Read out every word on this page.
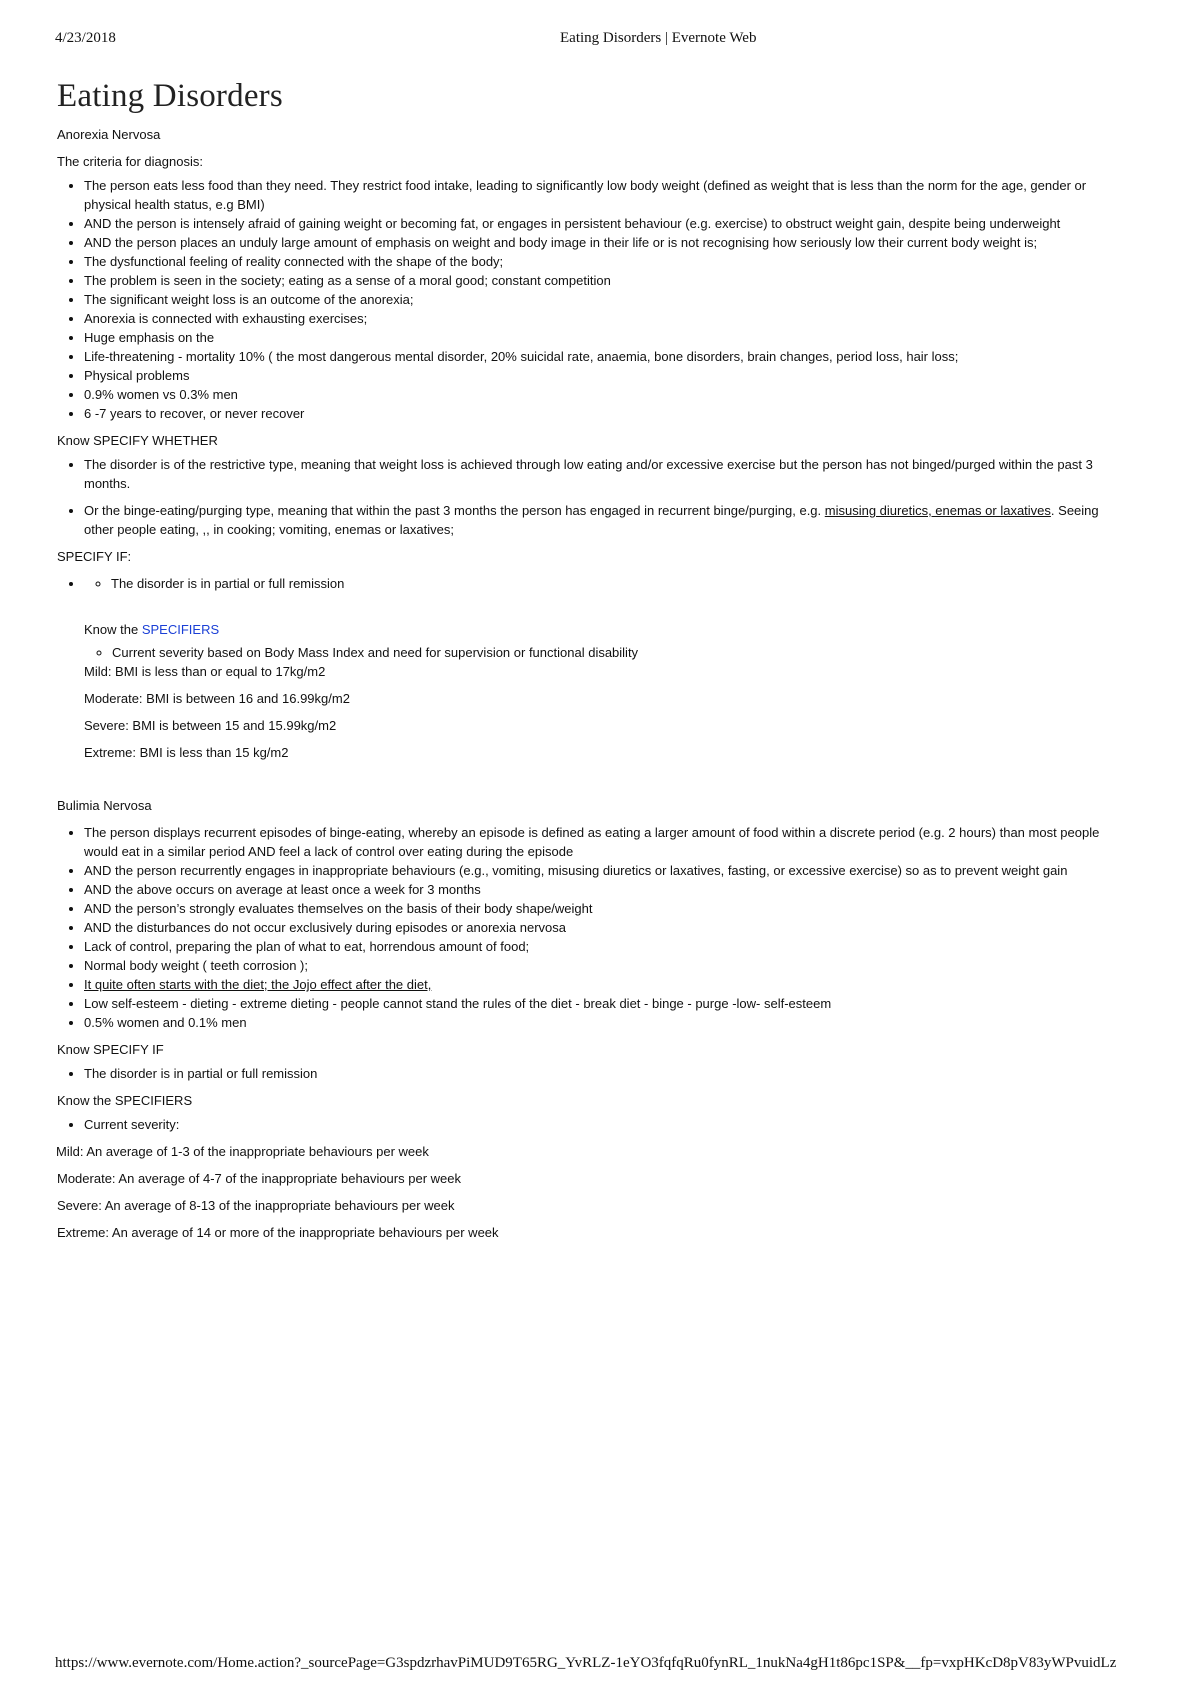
4/23/2018	Eating Disorders | Evernote Web
Eating Disorders

Anorexia Nervosa

The criteria for diagnosis:

• The person eats less food than they need. They restrict food intake, leading to significantly low body weight (defined as weight that is less than the norm for the age, gender or physical health status, e.g BMI)
• AND the person is intensely afraid of gaining weight or becoming fat, or engages in persistent behaviour (e.g. exercise) to obstruct weight gain, despite being underweight
• AND the person places an unduly large amount of emphasis on weight and body image in their life or is not recognising how seriously low their current body weight is;
• The dysfunctional feeling of reality connected with the shape of the body;
• The problem is seen in the society; eating as a sense of a moral good; constant competition
• The significant weight loss is an outcome of the anorexia;
• Anorexia is connected with exhausting exercises;
• Huge emphasis on the
• Life-threatening - mortality 10% ( the most dangerous mental disorder, 20% suicidal rate, anaemia, bone disorders, brain changes, period loss, hair loss;
• Physical problems
• 0.9% women vs 0.3% men
• 6 -7 years to recover, or never recover

Know SPECIFY WHETHER

• The disorder is of the restrictive type, meaning that weight loss is achieved through low eating and/or excessive exercise but the person has not binged/purged within the past 3 months.
• Or the binge-eating/purging type, meaning that within the past 3 months the person has engaged in recurrent binge/purging, e.g. misusing diuretics, enemas or laxatives. Seeing other people eating, ,, in cooking; vomiting, enemas or laxatives;

SPECIFY IF:

◦ • The disorder is in partial or full remission

Know the SPECIFIERS

◦ Current severity based on Body Mass Index and need for supervision or functional disability

Mild: BMI is less than or equal to 17kg/m2

Moderate: BMI is between 16 and 16.99kg/m2

Severe: BMI is between 15 and 15.99kg/m2

Extreme: BMI is less than 15 kg/m2

Bulimia Nervosa

• The person displays recurrent episodes of binge-eating, whereby an episode is defined as eating a larger amount of food within a discrete period (e.g. 2 hours) than most people would eat in a similar period AND feel a lack of control over eating during the episode
• AND the person recurrently engages in inappropriate behaviours (e.g., vomiting, misusing diuretics or laxatives, fasting, or excessive exercise) so as to prevent weight gain
• AND the above occurs on average at least once a week for 3 months
• AND the person’s strongly evaluates themselves on the basis of their body shape/weight
• AND the disturbances do not occur exclusively during episodes or anorexia nervosa
• Lack of control, preparing the plan of what to eat, horrendous amount of food;
• Normal body weight ( teeth corrosion );
• It quite often starts with the diet; the Jojo effect after the diet,
• Low self-esteem - dieting - extreme dieting - people cannot stand the rules of the diet - break diet - binge - purge -low- self-esteem
• 0.5% women and 0.1% men

Know SPECIFY IF

• The disorder is in partial or full remission

Know the SPECIFIERS

• Current severity:

Mild: An average of 1-3 of the inappropriate behaviours per week

Moderate: An average of 4-7 of the inappropriate behaviours per week

Severe: An average of 8-13 of the inappropriate behaviours per week

Extreme: An average of 14 or more of the inappropriate behaviours per week

https://www.evernote.com/Home.action?_sourcePage=G3spdzrhavPiMUD9T65RG_YvRLZ-1eYO3fqfqRu0fynRL_1nukNa4gH1t86pc1SP&__fp=vxpHKcD8pV83yWPvuidLz
